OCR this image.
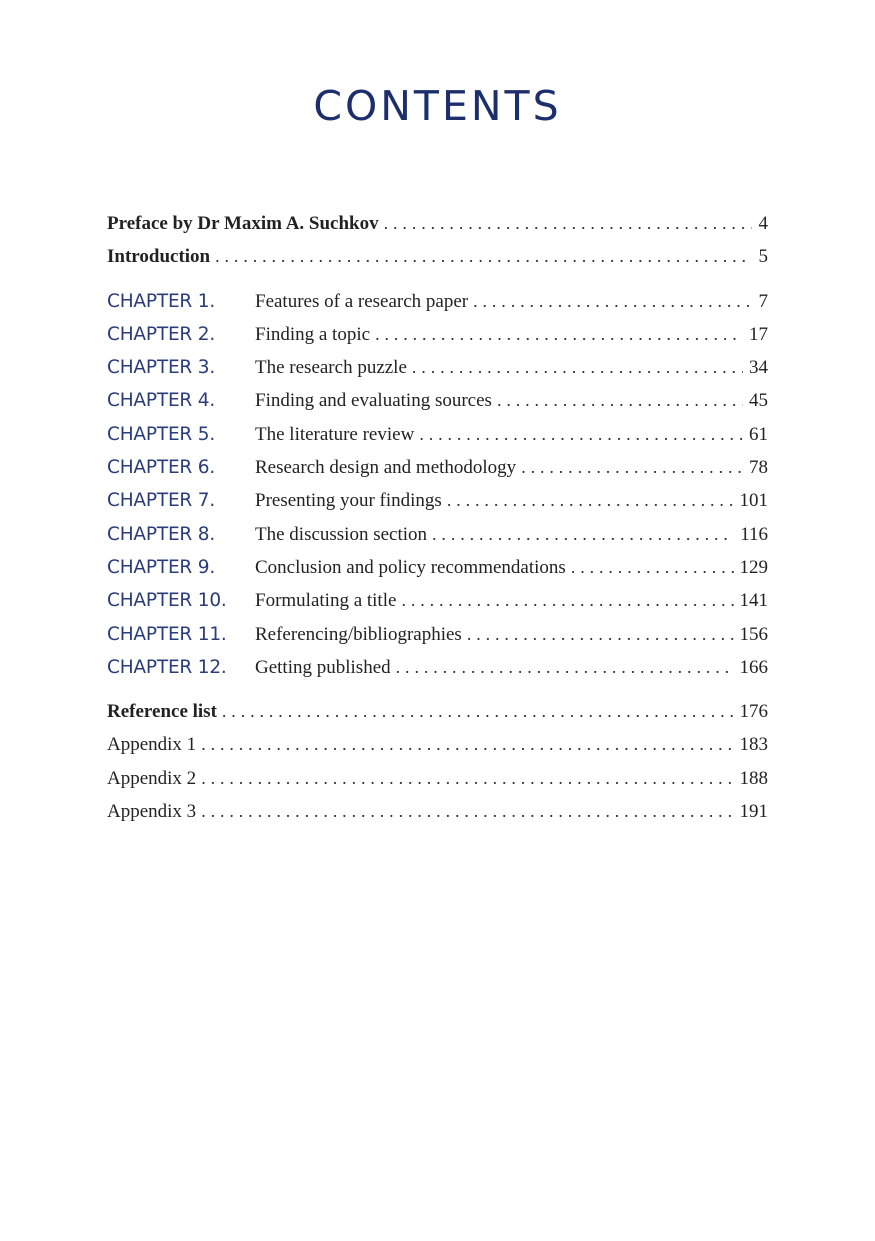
CONTENTS
Preface by Dr Maxim A. Suchkov . . .	4
Introduction . . .	5
CHAPTER 1.	Features of a research paper . . .	7
CHAPTER 2.	Finding a topic . . .	17
CHAPTER 3.	The research puzzle . . .	34
CHAPTER 4.	Finding and evaluating sources . . .	45
CHAPTER 5.	The literature review . . .	61
CHAPTER 6.	Research design and methodology . . .	78
CHAPTER 7.	Presenting your findings . . .	101
CHAPTER 8.	The discussion section . . .	116
CHAPTER 9.	Conclusion and policy recommendations . . .	129
CHAPTER 10.	Formulating a title . . .	141
CHAPTER 11.	Referencing/bibliographies . . .	156
CHAPTER 12.	Getting published . . .	166
Reference list . . .	176
Appendix 1 . . .	183
Appendix 2 . . .	188
Appendix 3 . . .	191
